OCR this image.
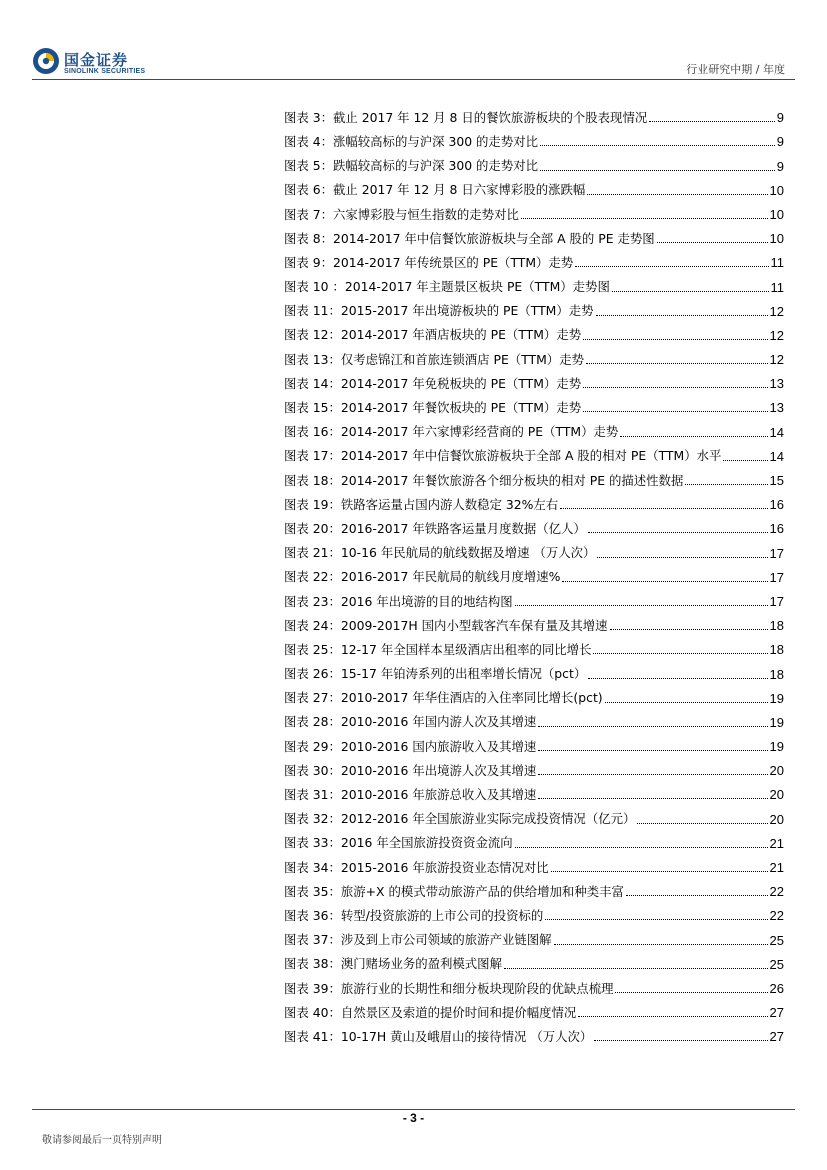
国金证券
SINOLINK SECURITIES	行业研究中期 / 年度
图表 3：截止 2017 年 12 月 8 日的餐饮旅游板块的个股表现情况	9
图表 4：涨幅较高标的与沪深 300 的走势对比	9
图表 5：跌幅较高标的与沪深 300 的走势对比	9
图表 6：截止 2017 年 12 月 8 日六家博彩股的涨跌幅	10
图表 7：六家博彩股与恒生指数的走势对比	10
图表 8：2014-2017 年中信餐饮旅游板块与全部 A 股的 PE 走势图	10
图表 9：2014-2017 年传统景区的 PE（TTM）走势	11
图表 10 ：2014-2017 年主题景区板块 PE（TTM）走势图	11
图表 11：2015-2017 年出境游板块的 PE（TTM）走势	12
图表 12：2014-2017 年酒店板块的 PE（TTM）走势	12
图表 13：仅考虑锦江和首旅连锁酒店 PE（TTM）走势	12
图表 14：2014-2017 年免税板块的 PE（TTM）走势	13
图表 15：2014-2017 年餐饮板块的 PE（TTM）走势	13
图表 16：2014-2017 年六家博彩经营商的 PE（TTM）走势	14
图表 17：2014-2017 年中信餐饮旅游板块于全部 A 股的相对 PE（TTM）水平	14
图表 18：2014-2017 年餐饮旅游各个细分板块的相对 PE 的描述性数据	15
图表 19：铁路客运量占国内游人数稳定 32%左右	16
图表 20：2016-2017 年铁路客运量月度数据（亿人）	16
图表 21：10-16 年民航局的航线数据及增速 （万人次）	17
图表 22：2016-2017 年民航局的航线月度增速%	17
图表 23：2016 年出境游的目的地结构图	17
图表 24：2009-2017H 国内小型载客汽车保有量及其增速	18
图表 25：12-17 年全国样本星级酒店出租率的同比增长	18
图表 26：15-17 年铂涛系列的出租率增长情况（pct）	18
图表 27：2010-2017 年华住酒店的入住率同比增长(pct)	19
图表 28：2010-2016 年国内游人次及其增速	19
图表 29：2010-2016 国内旅游收入及其增速	19
图表 30：2010-2016 年出境游人次及其增速	20
图表 31：2010-2016 年旅游总收入及其增速	20
图表 32：2012-2016 年全国旅游业实际完成投资情况（亿元）	20
图表 33：2016 年全国旅游投资资金流向	21
图表 34：2015-2016 年旅游投资业态情况对比	21
图表 35：旅游+X 的模式带动旅游产品的供给增加和种类丰富	22
图表 36：转型/投资旅游的上市公司的投资标的	22
图表 37：涉及到上市公司领域的旅游产业链图解	25
图表 38：澳门赌场业务的盈利模式图解	25
图表 39：旅游行业的长期性和细分板块现阶段的优缺点梳理	26
图表 40：自然景区及索道的提价时间和提价幅度情况	27
图表 41：10-17H 黄山及峨眉山的接待情况 （万人次）	27
- 3 -
敬请参阅最后一页特别声明
